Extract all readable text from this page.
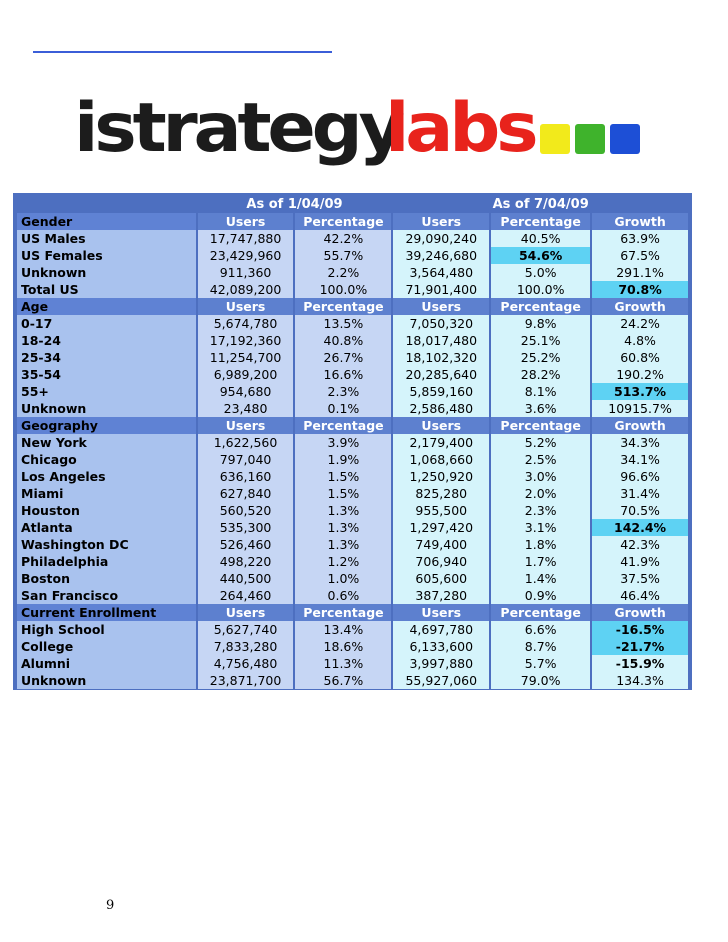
istrategy
labs
	As of 1/04/09		As of 7/04/09		
Gender	Users	Percentage	Users	Percentage	Growth
US Males	17,747,880	42.2%	29,090,240	40.5%	63.9%
US Females	23,429,960	55.7%	39,246,680	54.6%	67.5%
Unknown	911,360	2.2%	3,564,480	5.0%	291.1%
Total US	42,089,200	100.0%	71,901,400	100.0%	70.8%
Age	Users	Percentage	Users	Percentage	Growth
0-17	5,674,780	13.5%	7,050,320	9.8%	24.2%
18-24	17,192,360	40.8%	18,017,480	25.1%	4.8%
25-34	11,254,700	26.7%	18,102,320	25.2%	60.8%
35-54	6,989,200	16.6%	20,285,640	28.2%	190.2%
55+	954,680	2.3%	5,859,160	8.1%	513.7%
Unknown	23,480	0.1%	2,586,480	3.6%	10915.7%
Geography	Users	Percentage	Users	Percentage	Growth
New York	1,622,560	3.9%	2,179,400	5.2%	34.3%
Chicago	797,040	1.9%	1,068,660	2.5%	34.1%
Los Angeles	636,160	1.5%	1,250,920	3.0%	96.6%
Miami	627,840	1.5%	825,280	2.0%	31.4%
Houston	560,520	1.3%	955,500	2.3%	70.5%
Atlanta	535,300	1.3%	1,297,420	3.1%	142.4%
Washington DC	526,460	1.3%	749,400	1.8%	42.3%
Philadelphia	498,220	1.2%	706,940	1.7%	41.9%
Boston	440,500	1.0%	605,600	1.4%	37.5%
San Francisco	264,460	0.6%	387,280	0.9%	46.4%
Current Enrollment	Users	Percentage	Users	Percentage	Growth
High School	5,627,740	13.4%	4,697,780	6.6%	-16.5%
College	7,833,280	18.6%	6,133,600	8.7%	-21.7%
Alumni	4,756,480	11.3%	3,997,880	5.7%	-15.9%
Unknown	23,871,700	56.7%	55,927,060	79.0%	134.3%
9
